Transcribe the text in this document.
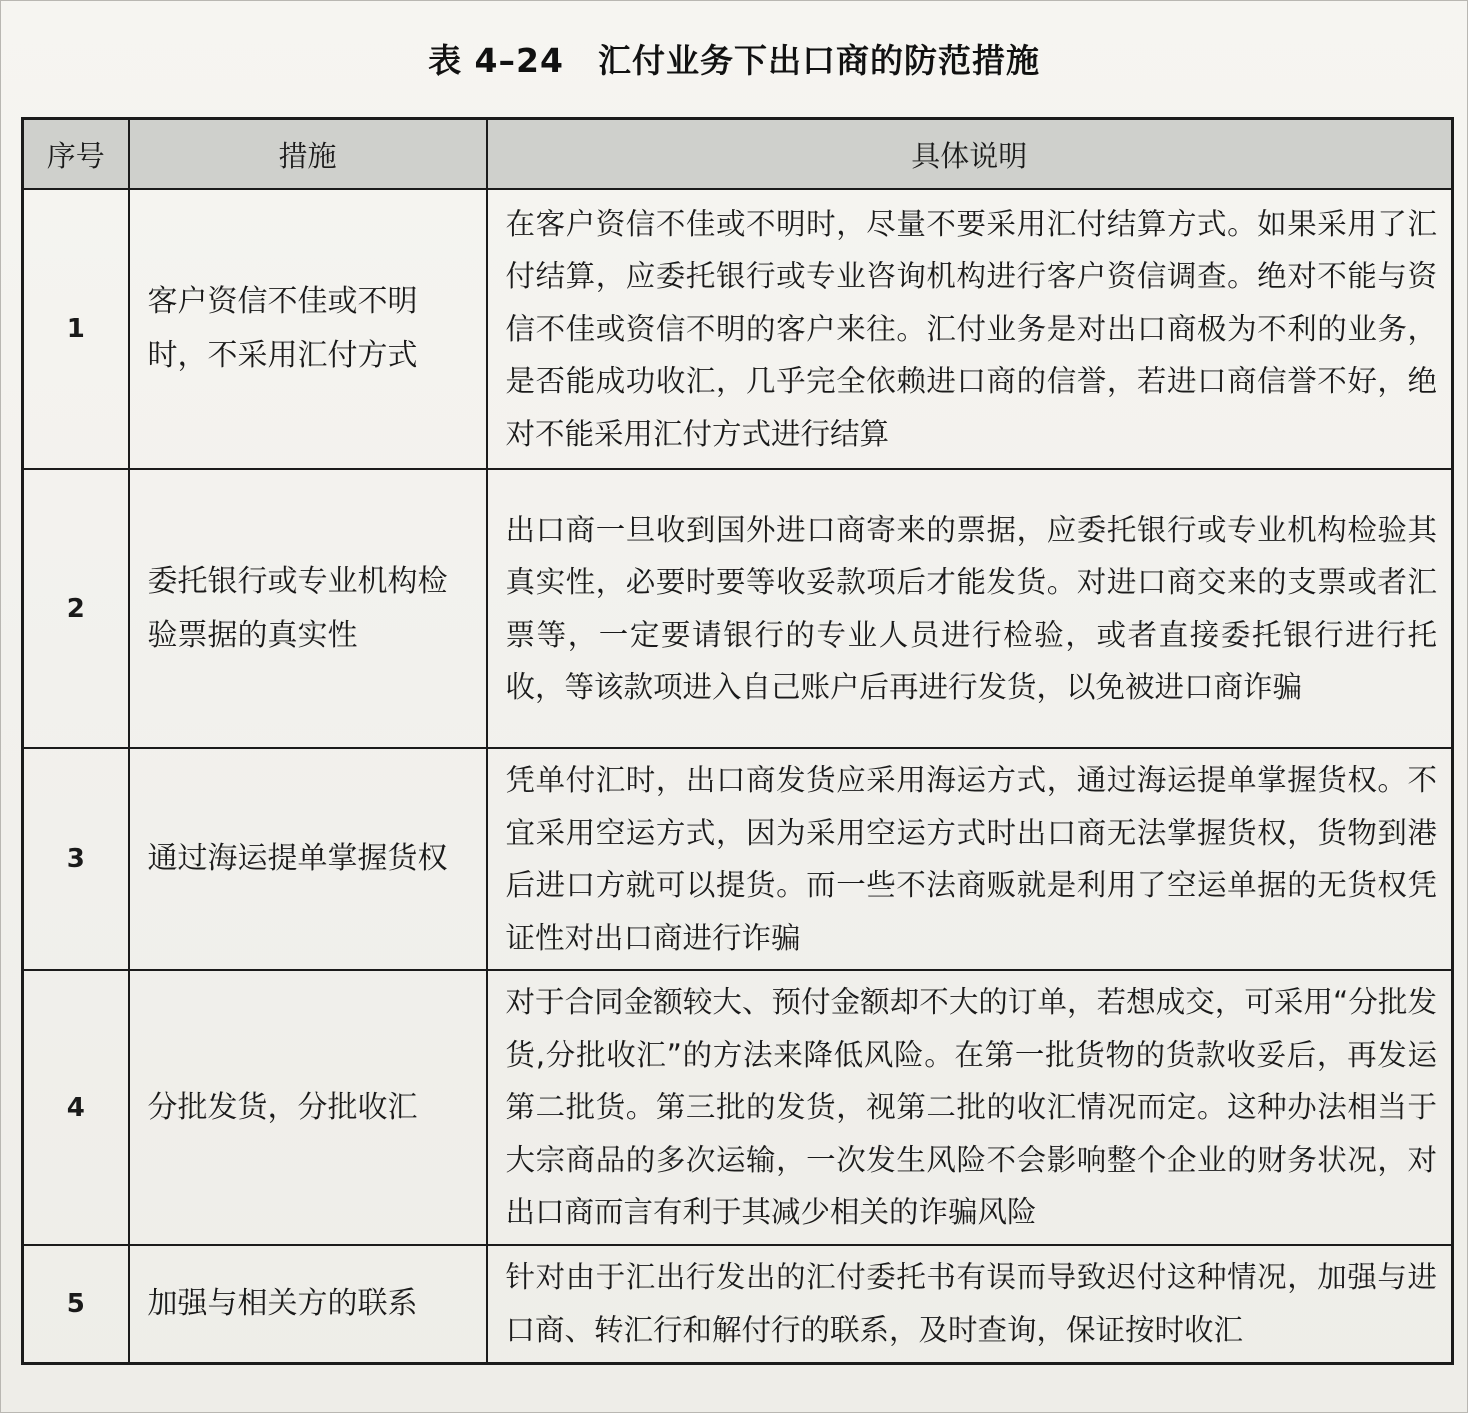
表 4–24 汇付业务下出口商的防范措施
序号	措施	具体说明
1	客户资信不佳或不明时，不采用汇付方式	在客户资信不佳或不明时，尽量不要采用汇付结算方式。如果采用了汇付结算，应委托银行或专业咨询机构进行客户资信调查。绝对不能与资信不佳或资信不明的客户来往。汇付业务是对出口商极为不利的业务，是否能成功收汇，几乎完全依赖进口商的信誉，若进口商信誉不好，绝对不能采用汇付方式进行结算
2	委托银行或专业机构检验票据的真实性	出口商一旦收到国外进口商寄来的票据，应委托银行或专业机构检验其真实性，必要时要等收妥款项后才能发货。对进口商交来的支票或者汇票等，一定要请银行的专业人员进行检验，或者直接委托银行进行托收，等该款项进入自己账户后再进行发货，以免被进口商诈骗
3	通过海运提单掌握货权	凭单付汇时，出口商发货应采用海运方式，通过海运提单掌握货权。不宜采用空运方式，因为采用空运方式时出口商无法掌握货权，货物到港后进口方就可以提货。而一些不法商贩就是利用了空运单据的无货权凭证性对出口商进行诈骗
4	分批发货，分批收汇	对于合同金额较大、预付金额却不大的订单，若想成交，可采用“分批发货,分批收汇”的方法来降低风险。在第一批货物的货款收妥后，再发运第二批货。第三批的发货，视第二批的收汇情况而定。这种办法相当于大宗商品的多次运输，一次发生风险不会影响整个企业的财务状况，对出口商而言有利于其减少相关的诈骗风险
5	加强与相关方的联系	针对由于汇出行发出的汇付委托书有误而导致迟付这种情况，加强与进口商、转汇行和解付行的联系，及时查询，保证按时收汇
